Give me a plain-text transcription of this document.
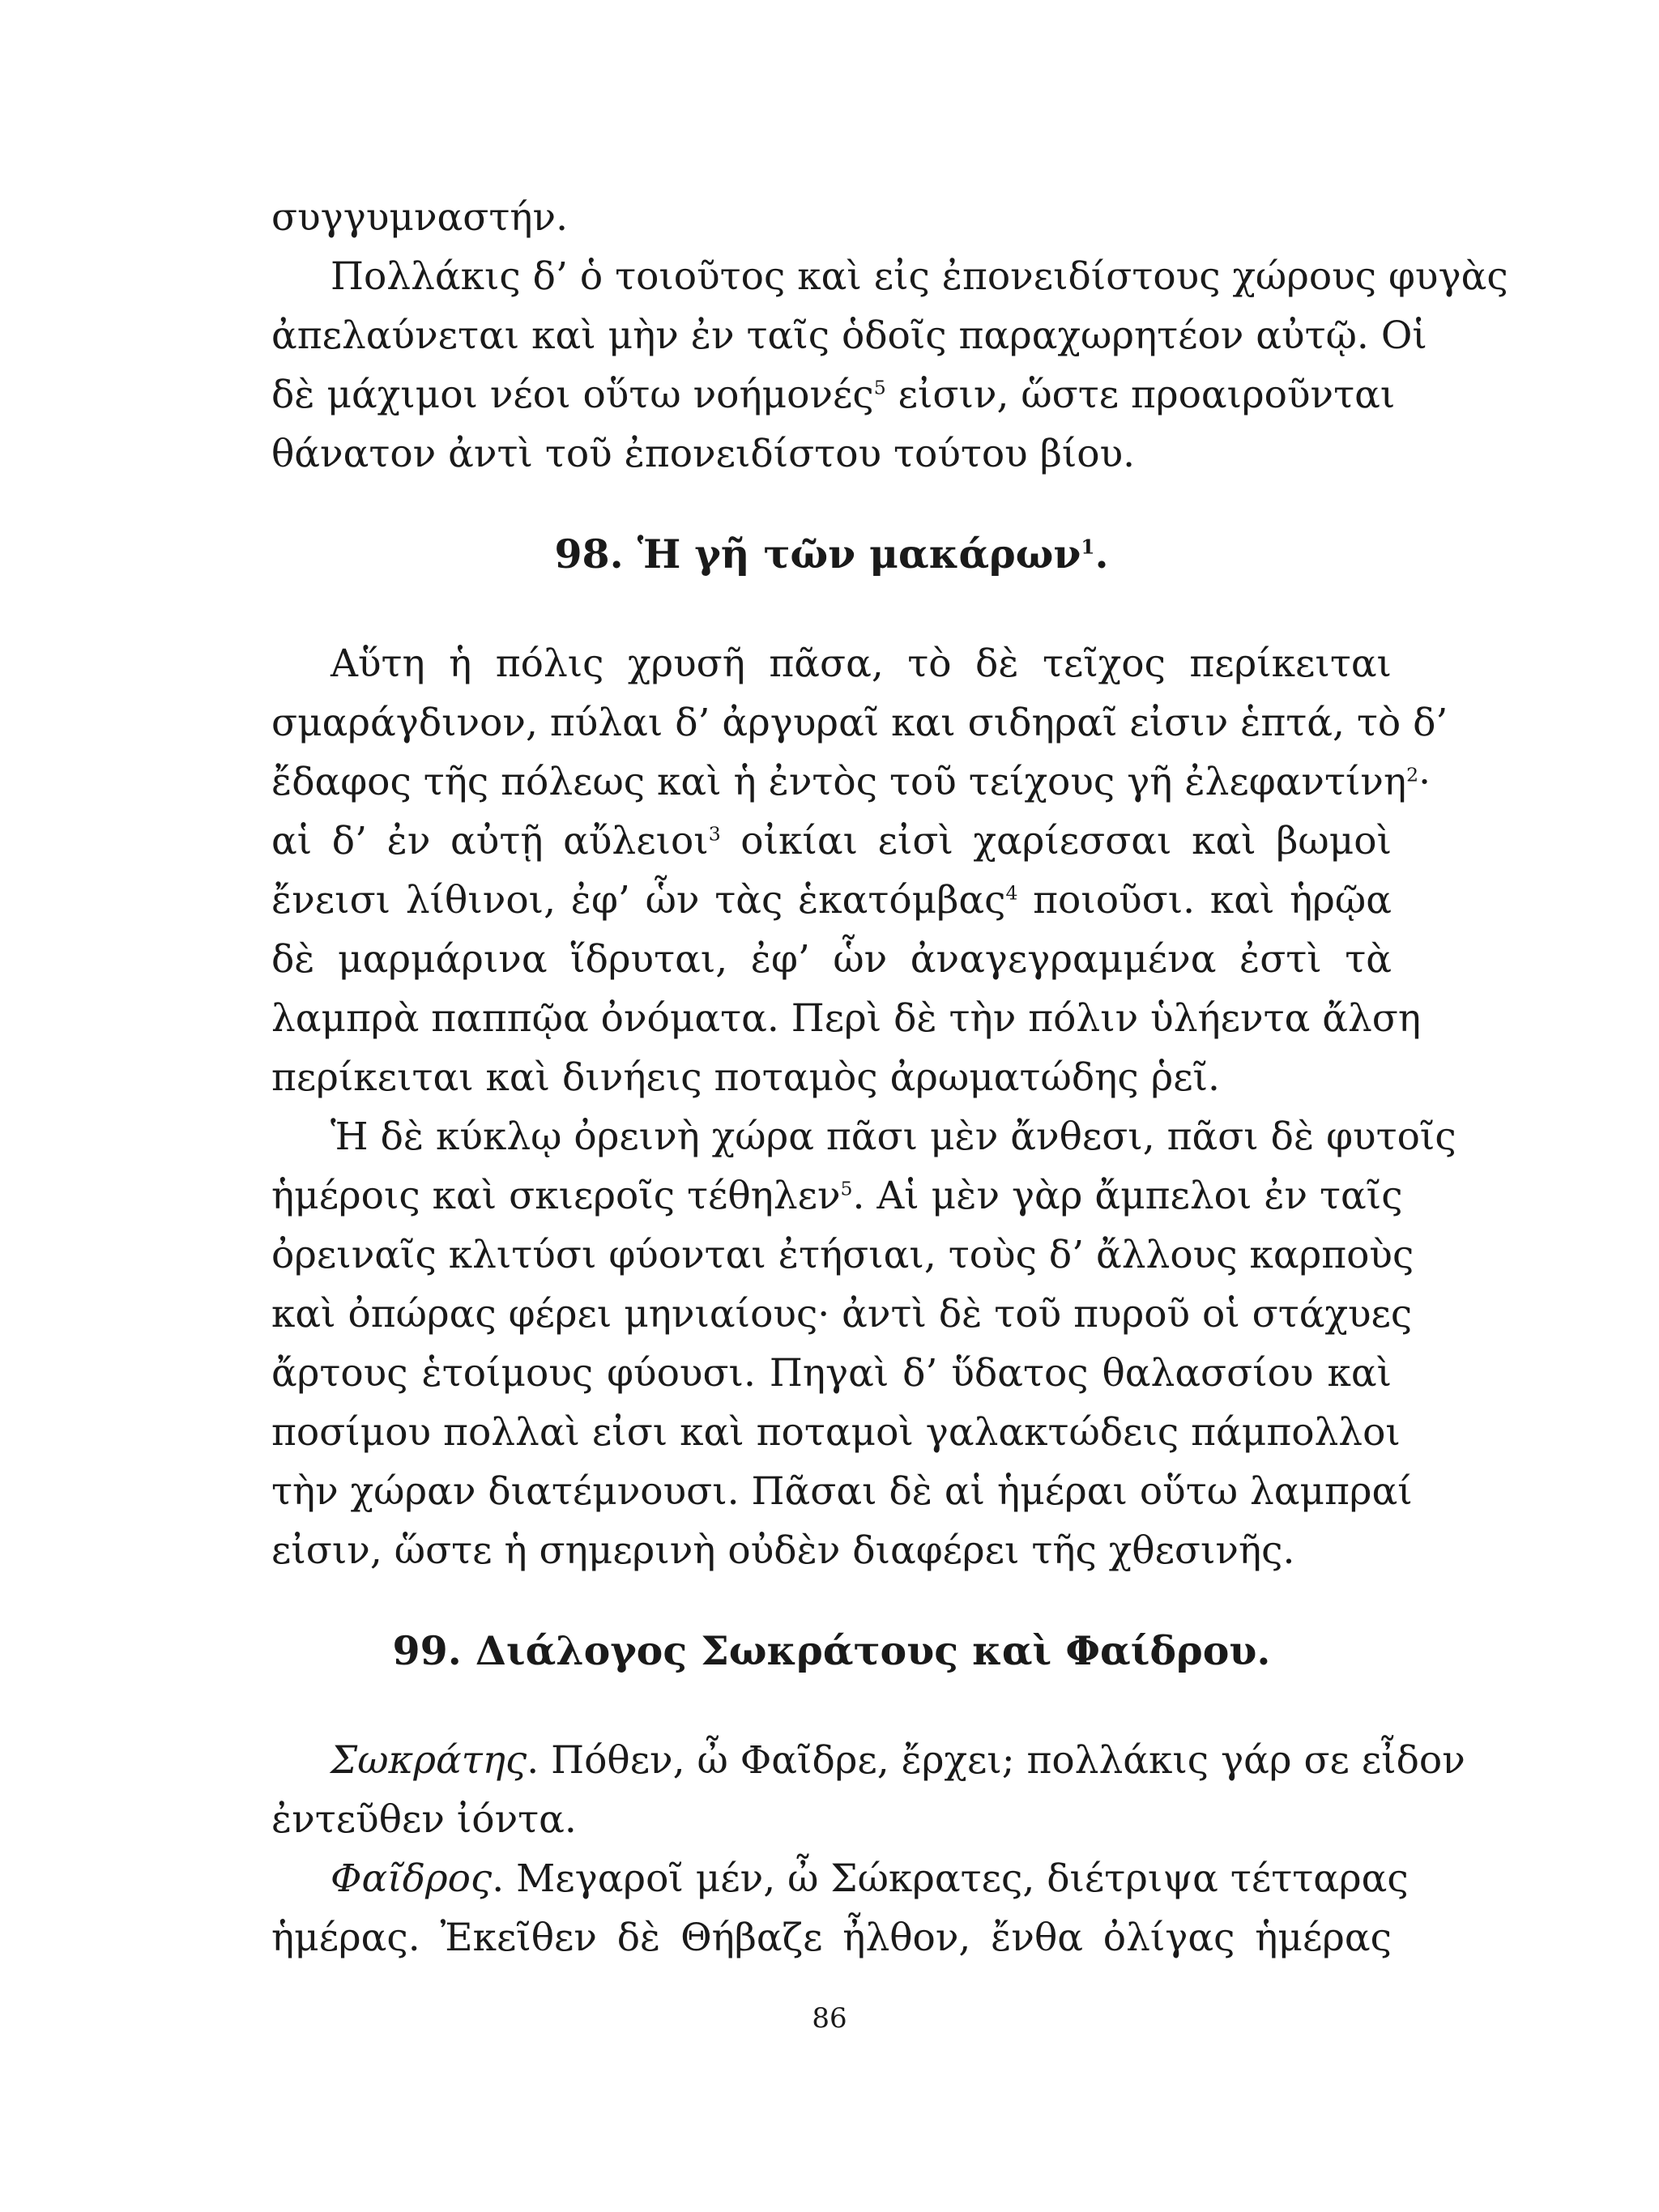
συγγυμναστήν.
Πολλάκις δ’ ὁ τοιοῦτος καὶ εἰς ἐπονειδίστους χώρους φυγὰς
ἀπελαύνεται καὶ μὴν ἐν ταῖς ὁδοῖς παραχωρητέον αὐτῷ. Οἱ
δὲ μάχιμοι νέοι οὕτω νοήμονές$^5$ εἰσιν, ὥστε προαιροῦνται
θάνατον ἀντὶ τοῦ ἐπονειδίστου τούτου βίου.
98. Ἡ γῆ τῶν μακάρων$^1$.
Αὕτη ἡ πόλις χρυσῆ πᾶσα, τὸ δὲ τεῖχος περίκειται
σμαράγδινον, πύλαι δ’ ἀργυραῖ και σιδηραῖ εἰσιν ἑπτά, τὸ δ’
ἔδαφος τῆς πόλεως καὶ ἡ ἐντὸς τοῦ τείχους γῆ ἐλεφαντίνη$^2$·
αἱ δ’ ἐν αὐτῇ αὔλειοι$^3$ οἰκίαι εἰσὶ χαρίεσσαι καὶ βωμοὶ
ἔνεισι λίθινοι, ἐφ’ ὧν τὰς ἑκατόμβας$^4$ ποιοῦσι. καὶ ἡρῷα
δὲ μαρμάρινα ἵδρυται, ἐφ’ ὧν ἀναγεγραμμένα ἐστὶ τὰ
λαμπρὰ παππῷα ὀνόματα. Περὶ δὲ τὴν πόλιν ὑλήεντα ἄλση
περίκειται καὶ δινήεις ποταμὸς ἀρωματώδης ῥεῖ.
Ἡ δὲ κύκλῳ ὀρεινὴ χώρα πᾶσι μὲν ἄνθεσι, πᾶσι δὲ φυτοῖς
ἡμέροις καὶ σκιεροῖς τέθηλεν$^5$. Αἱ μὲν γὰρ ἄμπελοι ἐν ταῖς
ὀρειναῖς κλιτύσι φύονται ἐτήσιαι, τοὺς δ’ ἄλλους καρποὺς
καὶ ὀπώρας φέρει μηνιαίους· ἀντὶ δὲ τοῦ πυροῦ οἱ στάχυες
ἄρτους ἑτοίμους φύουσι. Πηγαὶ δ’ ὕδατος θαλασσίου καὶ
ποσίμου πολλαὶ εἰσι καὶ ποταμοὶ γαλακτώδεις πάμπολλοι
τὴν χώραν διατέμνουσι. Πᾶσαι δὲ αἱ ἡμέραι οὕτω λαμπραί
εἰσιν, ὥστε ἡ σημερινὴ οὐδὲν διαφέρει τῆς χθεσινῆς.
99. Διάλογος Σωκράτους καὶ Φαίδρου.
Σωκράτης. Πόθεν, ὦ Φαῖδρε, ἔρχει; πολλάκις γάρ σε εἶδον
ἐντεῦθεν ἰόντα.
Φαῖδρος. Μεγαροῖ μέν, ὦ Σώκρατες, διέτριψα τέτταρας
ἡμέρας. Ἐκεῖθεν δὲ Θήβαζε ἦλθον, ἔνθα ὀλίγας ἡμέρας
86
